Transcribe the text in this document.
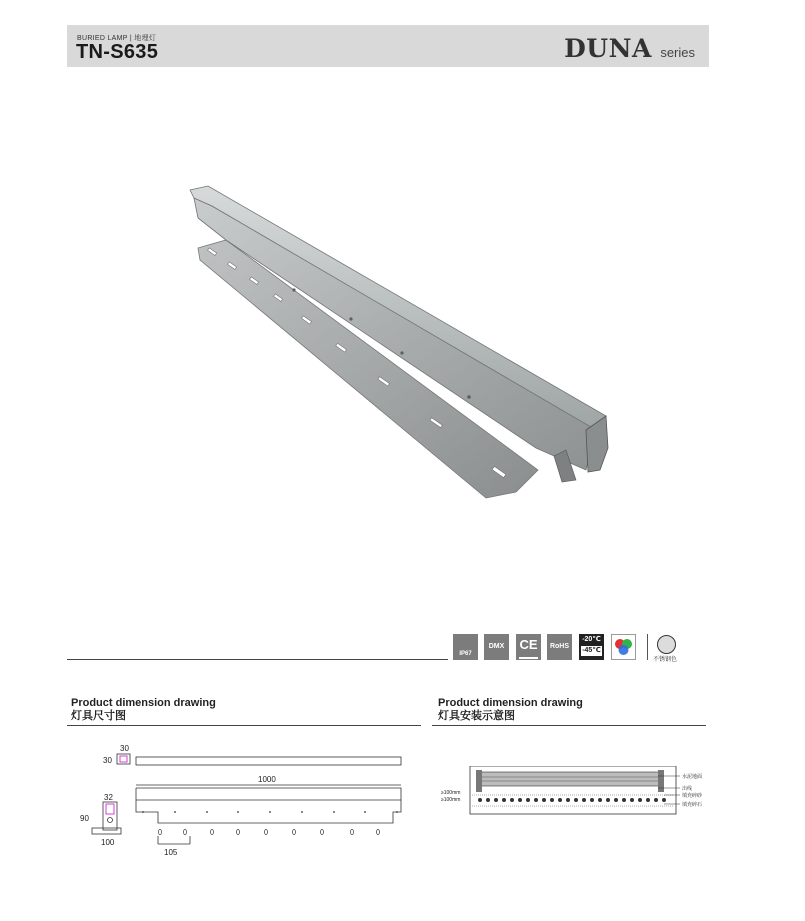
BURIED LAMP | 地埋灯
TN-S635	DUNA series
IP67
DMX	CE	RoHS
-20℃
-45℃
不锈钢色
Product dimension drawing
灯具尺寸图
Product dimension drawing
灯具安装示意图
30
30
1000
32
90
100
105
≥100mm
≥100mm
水泥地面
出线
填充碎砂
填充碎石
